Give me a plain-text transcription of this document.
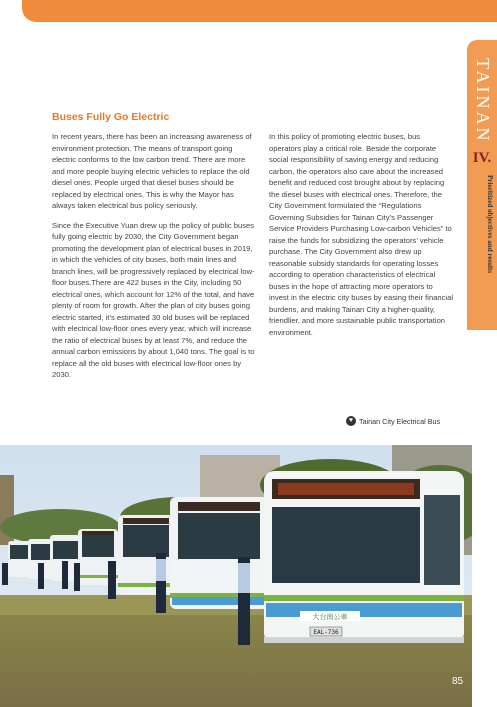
TAINAN
IV.
Prioritized objectives and results
Buses Fully Go Electric

In recent years, there has been an increasing awareness of environment protection. The means of transport going electric conforms to the low carbon trend. There are more and more people buying electric vehicles to replace the old diesel ones. People urged that diesel buses should be replaced by electrical ones. This is why the Mayor has always taken electrical bus policy seriously.

Since the Executive Yuan drew up the policy of public buses fully going electric by 2030, the City Government began promoting the development plan of electrical buses in 2019, in which the vehicles of city buses, both main lines and branch lines, will be progressively replaced by electrical low-floor buses.There are 422 buses in the City, including 50 electrical ones, which account for 12% of the total, and have plenty of room for growth. After the plan of city buses going electric started, it’s estimated 30 old buses will be replaced with electrical low-floor ones every year, which will increase the ratio of electrical buses by at least 7%, and reduce the annual carbon emissions by about 1,040 tons. The goal is to replace all the old buses with electrical low-floor ones by 2030.

In this policy of promoting electric buses, bus operators play a critical role. Beside the corporate social responsibility of saving energy and reducing carbon, the operators also care about the increased benefit and reduced cost brought about by replacing the diesel buses with electrical ones. Therefore, the City Government formulated the “Regulations Governing Subsidies for Tainan City’s Passenger Service Providers Purchasing Low-carbon Vehicles” to raise the funds for subsidizing the operators’ vehicle purchase. The City Government also drew up reasonable subsidy standards for operating losses according to operation characteristics of electrical buses in the hope of attracting more operators to invest in the electric city buses by easing their financial burdens, and making Tainan City a higher-quality, friendlier, and more sustainable public transportation environment.

♥ Tainan City Electrical Bus
大台南公車
EAL-736
85
